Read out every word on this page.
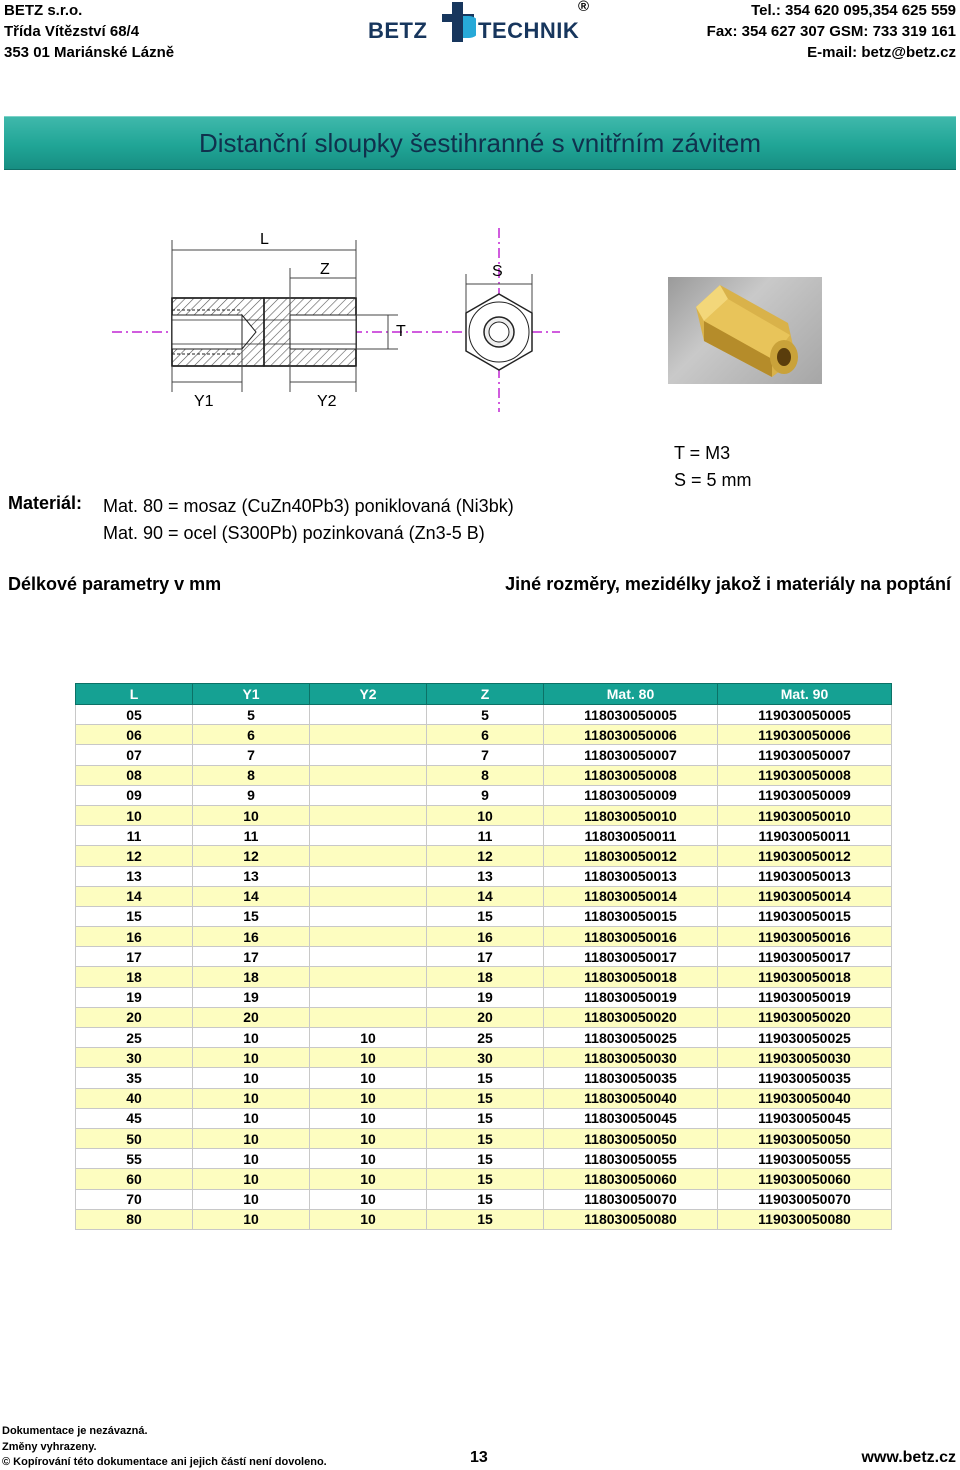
BETZ s.r.o.
Třída Vítězství 68/4
353 01 Mariánské Lázně
BETZ TECHNIK
®	Tel.: 354 620 095,354 625 559
Fax: 354 627 307 GSM: 733 319 161
E-mail: betz@betz.cz
Distanční sloupky šestihranné s vnitřním závitem
L
Z	S
T
Y1	Y2
T = M3
S = 5 mm
Materiál: Mat. 80 = mosaz (CuZn40Pb3) poniklovaná (Ni3bk)
Mat. 90 = ocel (S300Pb) pozinkovaná (Zn3-5 B)
Délkové parametry v mm	Jiné rozměry, mezidélky jakož i materiály na poptání
L	Y1	Y2	Z	Mat. 80	Mat. 90
05	5		5	118030050005	119030050005
06	6		6	118030050006	119030050006
07	7		7	118030050007	119030050007
08	8		8	118030050008	119030050008
09	9		9	118030050009	119030050009
10	10		10	118030050010	119030050010
11	11		11	118030050011	119030050011
12	12		12	118030050012	119030050012
13	13		13	118030050013	119030050013
14	14		14	118030050014	119030050014
15	15		15	118030050015	119030050015
16	16		16	118030050016	119030050016
17	17		17	118030050017	119030050017
18	18		18	118030050018	119030050018
19	19		19	118030050019	119030050019
20	20		20	118030050020	119030050020
25	10	10	25	118030050025	119030050025
30	10	10	30	118030050030	119030050030
35	10	10	15	118030050035	119030050035
40	10	10	15	118030050040	119030050040
45	10	10	15	118030050045	119030050045
50	10	10	15	118030050050	119030050050
55	10	10	15	118030050055	119030050055
60	10	10	15	118030050060	119030050060
70	10	10	15	118030050070	119030050070
80	10	10	15	118030050080	119030050080
Dokumentace je nezávazná.
Změny vyhrazeny.
© Kopírování této dokumentace ani jejich částí není dovoleno.	13	www.betz.cz
